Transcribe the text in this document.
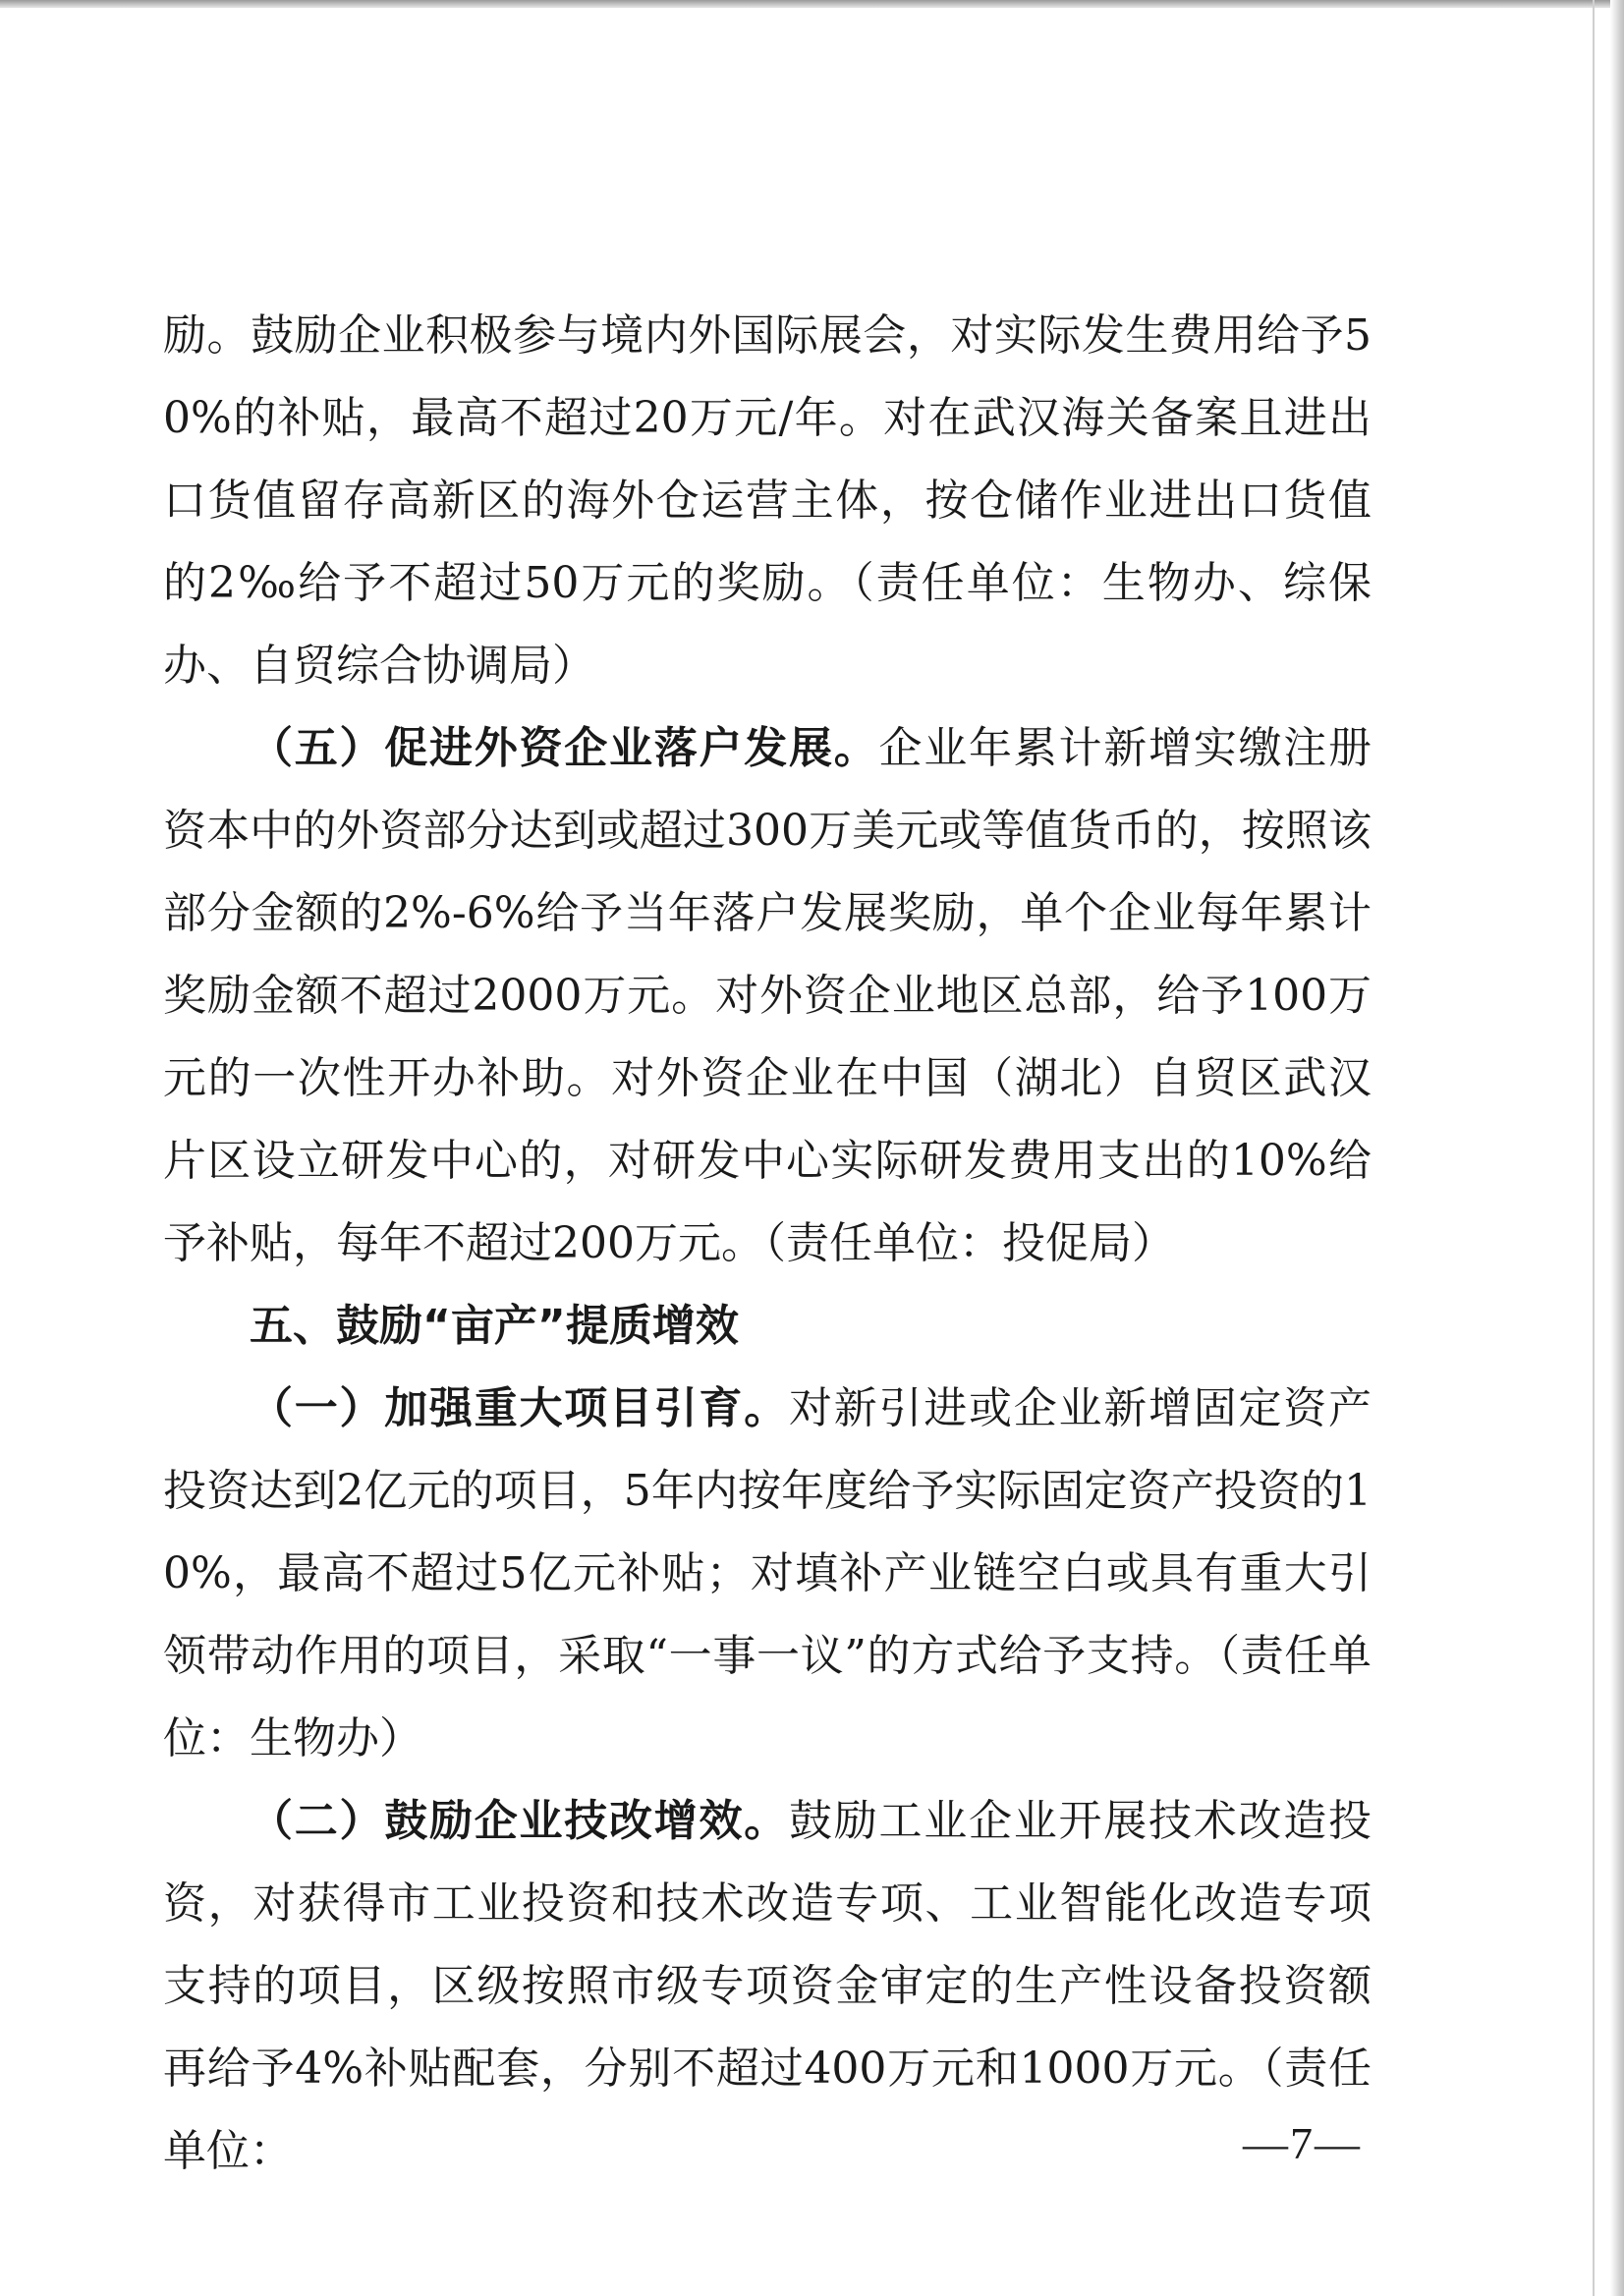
励。鼓励企业积极参与境内外国际展会，对实际发生费用给予50%的补贴，最高不超过20万元/年。对在武汉海关备案且进出口货值留存高新区的海外仓运营主体，按仓储作业进出口货值的2‰给予不超过50万元的奖励。（责任单位：生物办、综保办、自贸综合协调局）

（五）促进外资企业落户发展。企业年累计新增实缴注册资本中的外资部分达到或超过300万美元或等值货币的，按照该部分金额的2%-6%给予当年落户发展奖励，单个企业每年累计奖励金额不超过2000万元。对外资企业地区总部，给予100万元的一次性开办补助。对外资企业在中国（湖北）自贸区武汉片区设立研发中心的，对研发中心实际研发费用支出的10%给予补贴，每年不超过200万元。（责任单位：投促局）

五、鼓励“亩产”提质增效

（一）加强重大项目引育。对新引进或企业新增固定资产投资达到2亿元的项目，5年内按年度给予实际固定资产投资的10%，最高不超过5亿元补贴；对填补产业链空白或具有重大引领带动作用的项目，采取“一事一议”的方式给予支持。（责任单位：生物办）

（二）鼓励企业技改增效。鼓励工业企业开展技术改造投资，对获得市工业投资和技术改造专项、工业智能化改造专项支持的项目，区级按照市级专项资金审定的生产性设备投资额再给予4%补贴配套，分别不超过400万元和1000万元。（责任单位：	—7—
